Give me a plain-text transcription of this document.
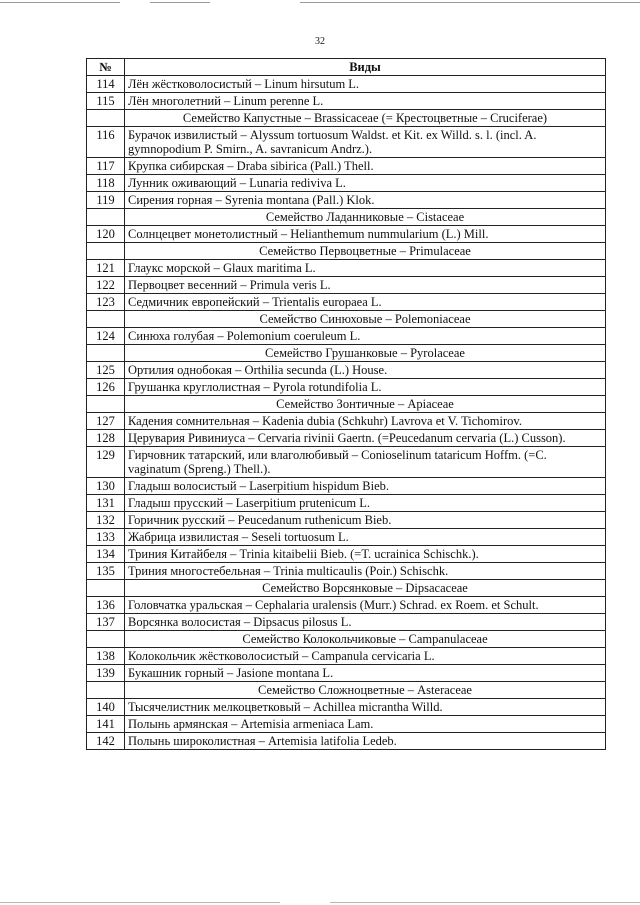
32
№	Виды
114	Лён жёстковолосистый – Linum hirsutum L.
115	Лён многолетний – Linum perenne L.
	Семейство Капустные – Brassicaceae (= Крестоцветные – Cruciferae)
116	Бурачок извилистый – Alyssum tortuosum Waldst. et Kit. ex Willd. s. l. (incl. A. gymnopodium P. Smirn., A. savranicum Andrz.).
117	Крупка сибирская – Draba sibirica (Pall.) Thell.
118	Лунник оживающий – Lunaria rediviva L.
119	Сирения горная – Syrenia montana (Pall.) Klok.
	Семейство Ладанниковые – Cistaceae
120	Солнцецвет монетолистный – Helianthemum nummularium (L.) Mill.
	Семейство Первоцветные – Primulaceae
121	Глаукс морской – Glaux maritima L.
122	Первоцвет весенний – Primula veris L.
123	Седмичник европейский – Trientalis europaea L.
	Семейство Синюховые – Polemoniaceae
124	Синюха голубая – Polemonium coeruleum L.
	Семейство Грушанковые – Pyrolaceae
125	Ортилия однобокая – Orthilia secunda (L.) House.
126	Грушанка круглолистная – Pyrola rotundifolia L.
	Семейство Зонтичные – Apiaceae
127	Кадения сомнительная – Kadenia dubia (Schkuhr) Lavrova et V. Tichomirov.
128	Церувария Ривиниуса – Cervaria rivinii Gaertn. (=Peucedanum cervaria (L.) Cusson).
129	Гирчовник татарский, или влаголюбивый – Conioselinum tataricum Hoffm. (=C. vaginatum (Spreng.) Thell.).
130	Гладыш волосистый – Laserpitium hispidum Bieb.
131	Гладыш прусский – Laserpitium prutenicum L.
132	Горичник русский – Peucedanum ruthenicum Bieb.
133	Жабрица извилистая – Seseli tortuosum L.
134	Триния Китайбеля – Trinia kitaibelii Bieb. (=T. ucrainica Schischk.).
135	Триния многостебельная – Trinia multicaulis (Poir.) Schischk.
	Семейство Ворсянковые – Dipsacaceae
136	Головчатка уральская – Cephalaria uralensis (Murr.) Schrad. ex Roem. et Schult.
137	Ворсянка волосистая – Dipsacus pilosus L.
	Семейство Колокольчиковые – Campanulaceae
138	Колокольчик жёстковолосистый – Campanula cervicaria L.
139	Букашник горный – Jasione montana L.
	Семейство Сложноцветные – Asteraceae
140	Тысячелистник мелкоцветковый – Achillea micrantha Willd.
141	Полынь армянская – Artemisia armeniaca Lam.
142	Полынь широколистная – Artemisia latifolia Ledeb.
